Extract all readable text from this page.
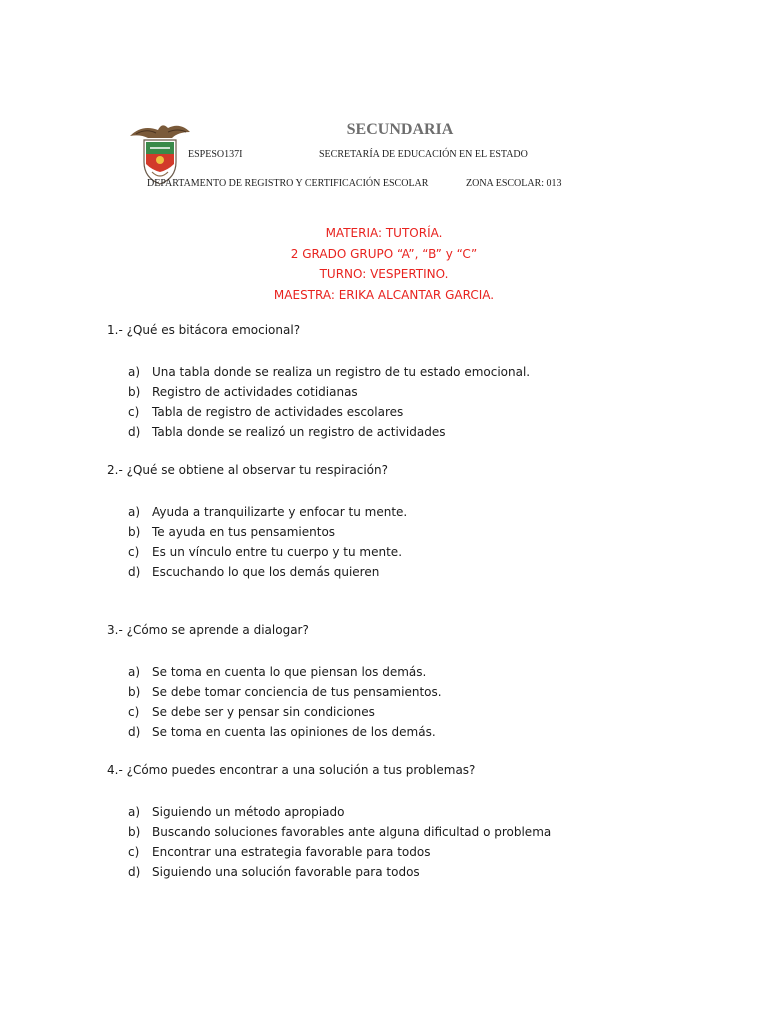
SECUNDARIA
ESPESO137I	SECRETARÍA DE EDUCACIÓN EN EL ESTADO
DEPARTAMENTO DE REGISTRO Y CERTIFICACIÓN ESCOLAR	ZONA ESCOLAR: 013
MATERIA: TUTORÍA.
2 GRADO GRUPO “A”, “B” y “C”
TURNO: VESPERTINO.
MAESTRA: ERIKA ALCANTAR GARCIA.
1.- ¿Qué es bitácora emocional?
a) Una tabla donde se realiza un registro de tu estado emocional.
b) Registro de actividades cotidianas
c) Tabla de registro de actividades escolares
d) Tabla donde se realizó un registro de actividades
2.- ¿Qué se obtiene al observar tu respiración?
a) Ayuda a tranquilizarte y enfocar tu mente.
b) Te ayuda en tus pensamientos
c) Es un vínculo entre tu cuerpo y tu mente.
d) Escuchando lo que los demás quieren
3.- ¿Cómo se aprende a dialogar?
a) Se toma en cuenta lo que piensan los demás.
b) Se debe tomar conciencia de tus pensamientos.
c) Se debe ser y pensar sin condiciones
d) Se toma en cuenta las opiniones de los demás.
4.- ¿Cómo puedes encontrar a una solución a tus problemas?
a) Siguiendo un método apropiado
b) Buscando soluciones favorables ante alguna dificultad o problema
c) Encontrar una estrategia favorable para todos
d) Siguiendo una solución favorable para todos
